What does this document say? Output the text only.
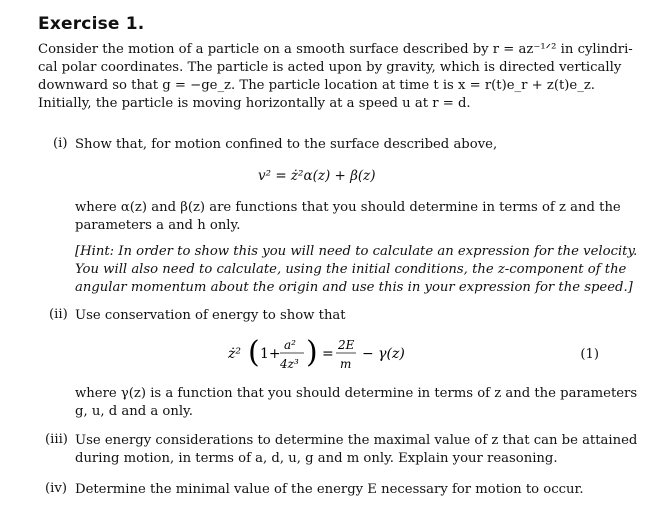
Exercise 1.
Consider the motion of a particle on a smooth surface described by r = az⁻¹ᐟ² in cylindri-
cal polar coordinates. The particle is acted upon by gravity, which is directed vertically
downward so that g = −ge_z. The particle location at time t is x = r(t)e_r + z(t)e_z.
Initially, the particle is moving horizontally at a speed u at r = d.
(i) Show that, for motion confined to the surface described above,
v² = ż²α(z) + β(z)
where α(z) and β(z) are functions that you should determine in terms of z and the
parameters a and h only.
[Hint: In order to show this you will need to calculate an expression for the velocity.
You will also need to calculate, using the initial conditions, the z-component of the
angular momentum about the origin and use this in your expression for the speed.]
(ii) Use conservation of energy to show that
ż² ( 1+
a²
4z³ ) =
2E
m
− γ(z)	(1)
where γ(z) is a function that you should determine in terms of z and the parameters
g, u, d and a only.
(iii) Use energy considerations to determine the maximal value of z that can be attained
during motion, in terms of a, d, u, g and m only. Explain your reasoning.
(iv) Determine the minimal value of the energy E necessary for motion to occur.
